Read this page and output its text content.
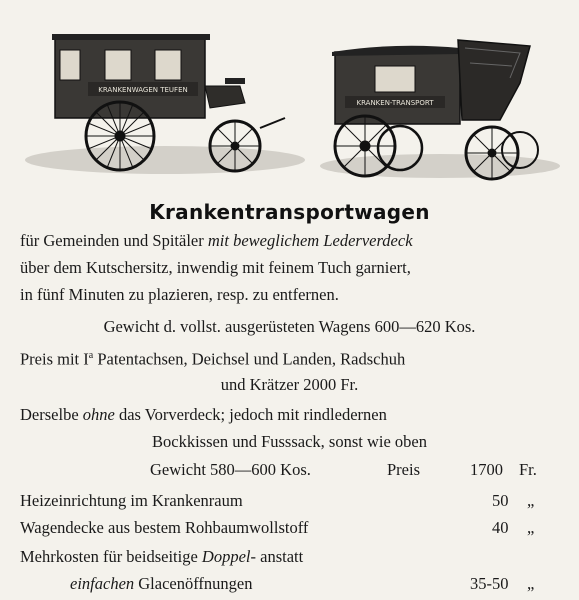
KRANKENWAGEN TEUFEN
KRANKEN-TRANSPORT
Krankentransportwagen
für Gemeinden und Spitäler mit beweglichem Lederverdeck
über dem Kutschersitz, inwendig mit feinem Tuch garniert,
in fünf Minuten zu plazieren, resp. zu entfernen.
Gewicht d. vollst. ausgerüsteten Wagens 600—620 Kos.
Preis mit $I^a$ Patentachsen, Deichsel und Landen, Radschuh
und Krätzer 2000 Fr.
Derselbe ohne das Vorverdeck; jedoch mit rindledernen
Bockkissen und Fusssack, sonst wie oben
Gewicht 580—600 Kos.	Preis	1700 Fr.
Heizeinrichtung im Krankenraum	50 „
Wagendecke aus bestem Rohbaumwollstoff	40 „
Mehrkosten für beidseitige Doppel- anstatt
einfachen Glacenöffnungen	35-50 „
